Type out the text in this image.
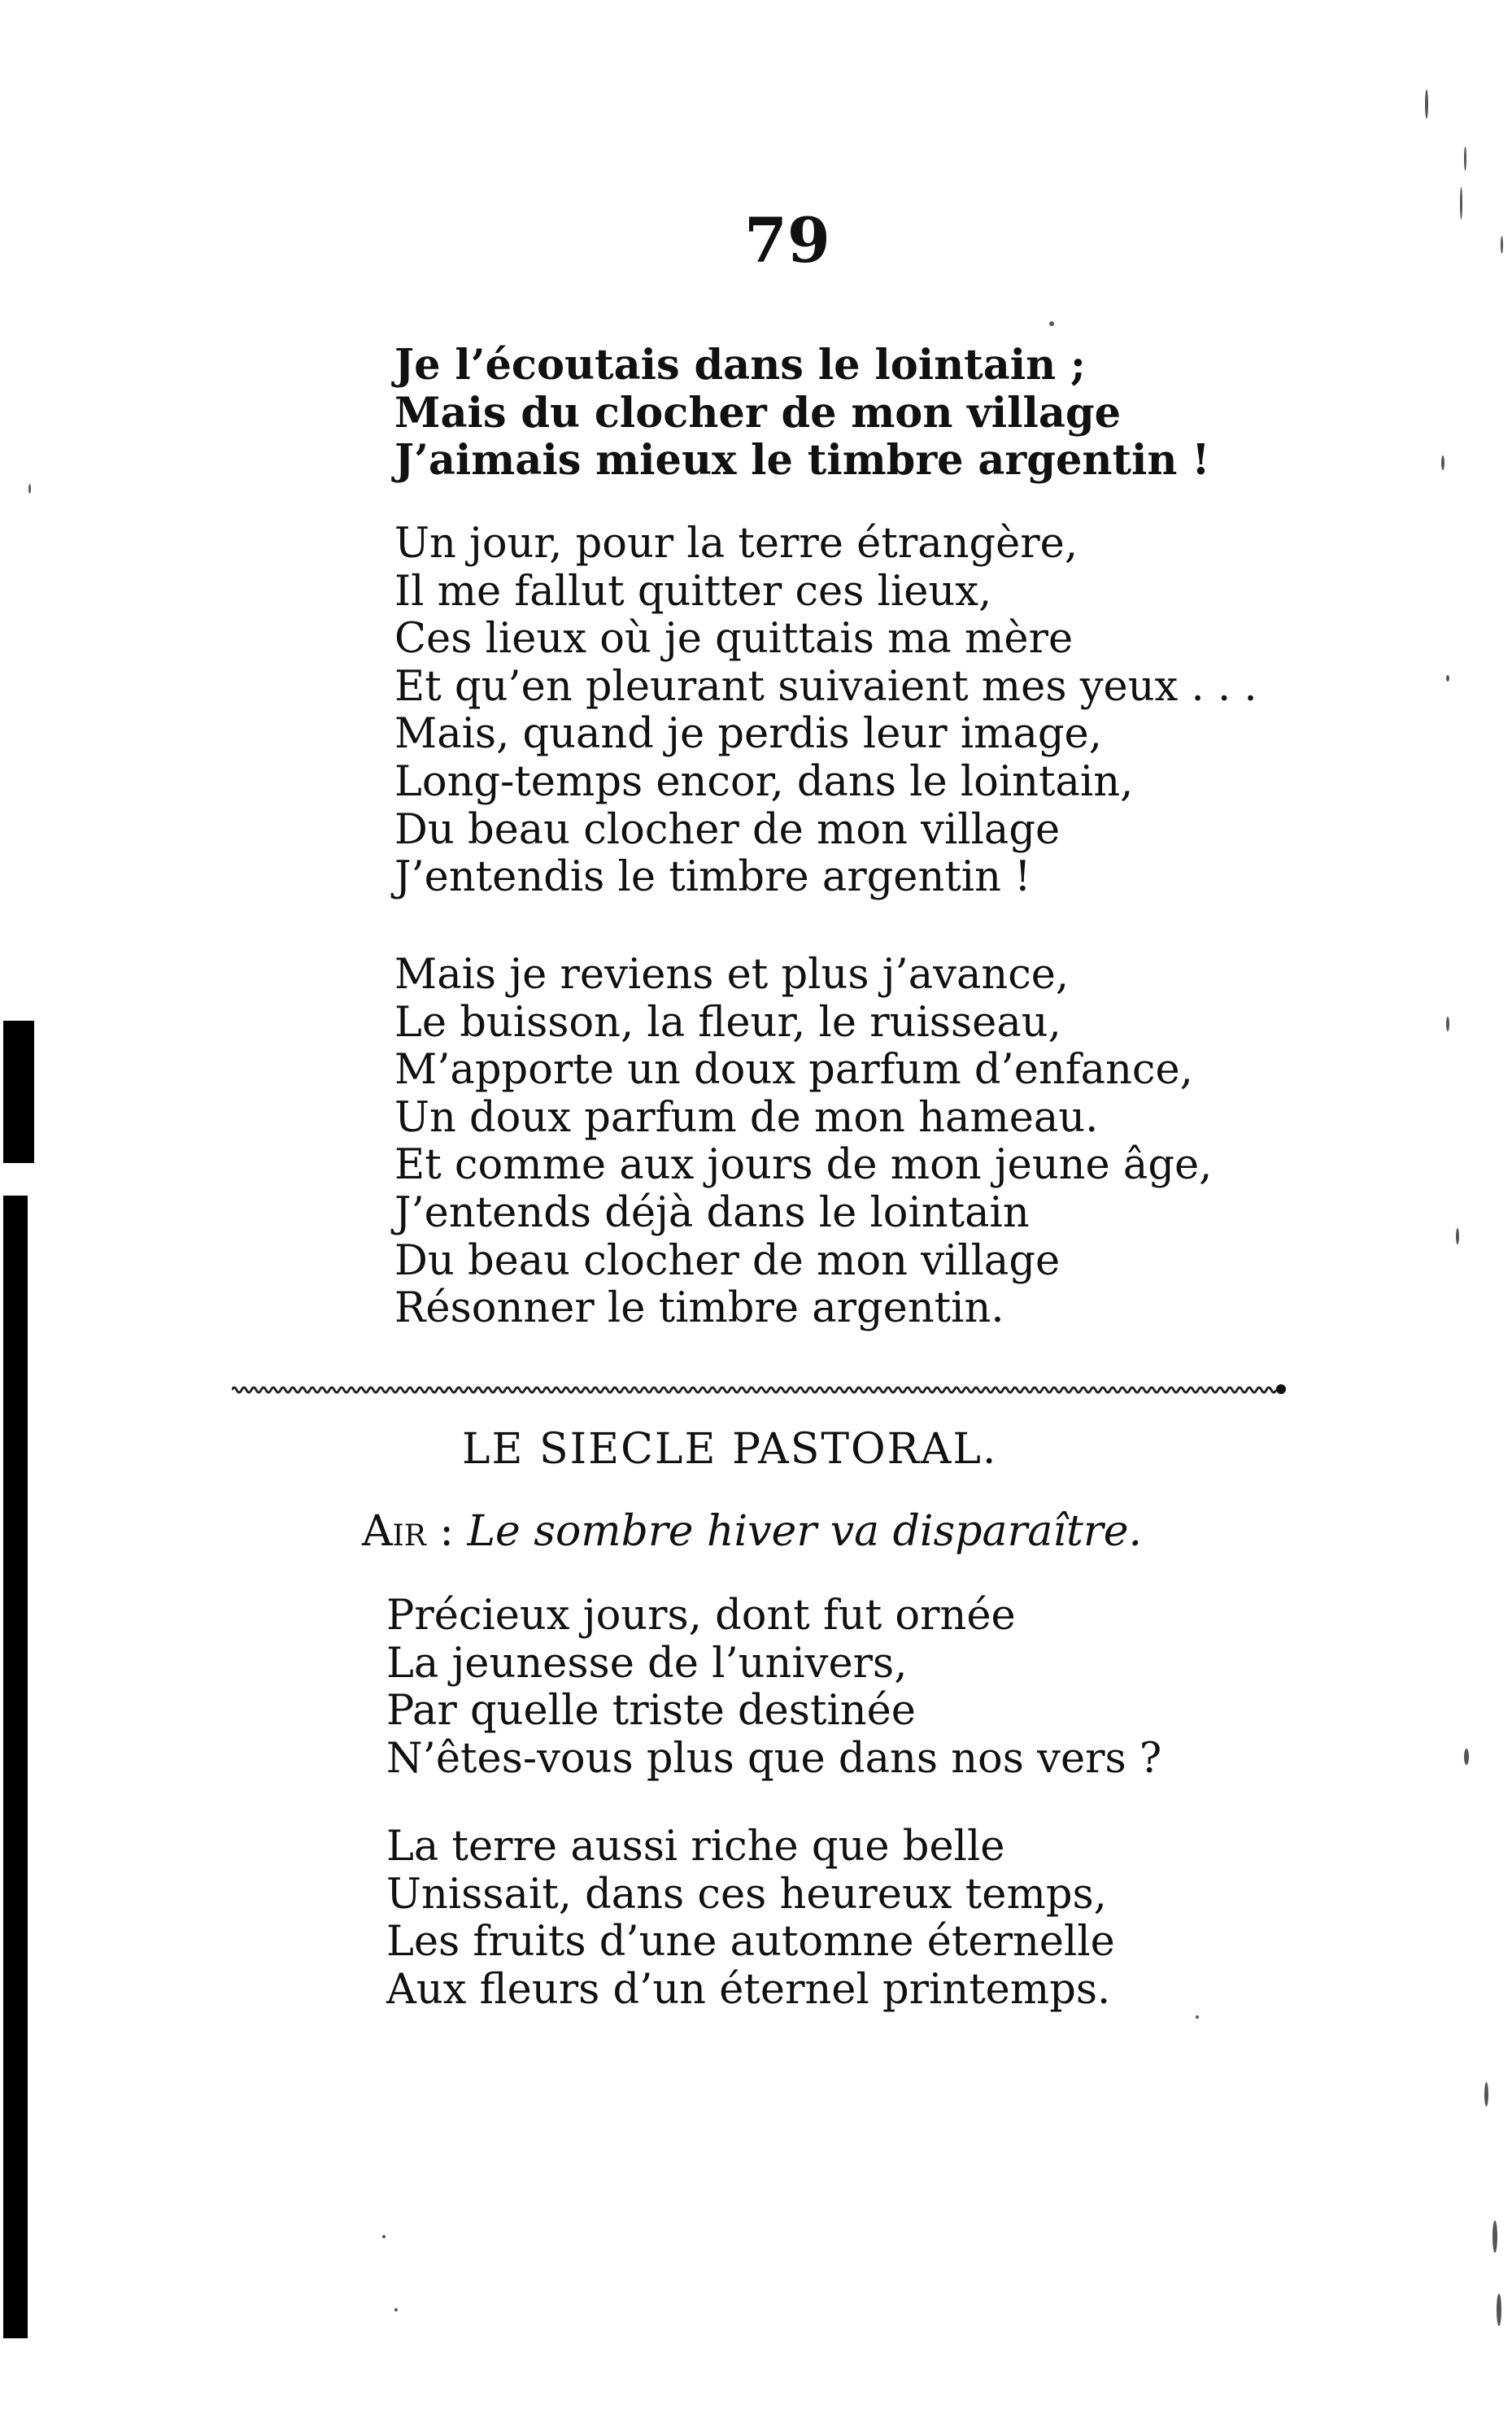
79
Je l’écoutais dans le lointain ;
Mais du clocher de mon village
J’aimais mieux le timbre argentin !
Un jour, pour la terre étrangère,
Il me fallut quitter ces lieux,
Ces lieux où je quittais ma mère
Et qu’en pleurant suivaient mes yeux . . .
Mais, quand je perdis leur image,
Long-temps encor, dans le lointain,
Du beau clocher de mon village
J’entendis le timbre argentin !
Mais je reviens et plus j’avance,
Le buisson, la fleur, le ruisseau,
M’apporte un doux parfum d’enfance,
Un doux parfum de mon hameau.
Et comme aux jours de mon jeune âge,
J’entends déjà dans le lointain
Du beau clocher de mon village
Résonner le timbre argentin.
LE SIECLE PASTORAL.
Air : Le sombre hiver va disparaître.
Précieux jours, dont fut ornée
La jeunesse de l’univers,
Par quelle triste destinée
N’êtes-vous plus que dans nos vers ?
La terre aussi riche que belle
Unissait, dans ces heureux temps,
Les fruits d’une automne éternelle
Aux fleurs d’un éternel printemps.
